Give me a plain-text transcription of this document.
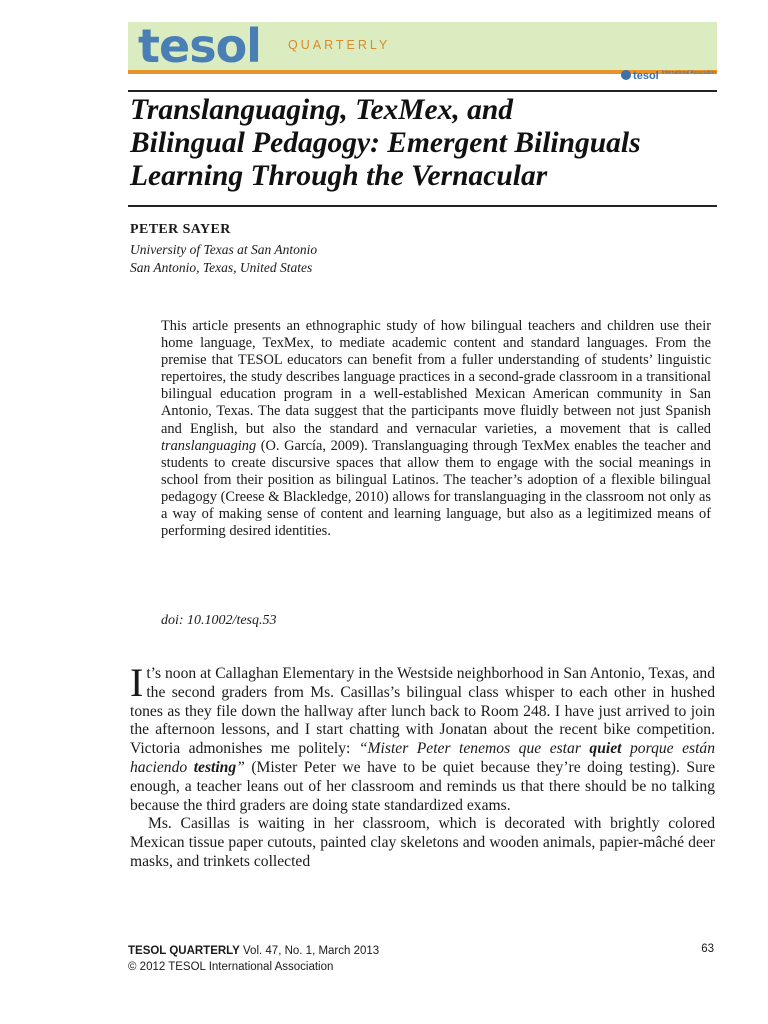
tesol QUARTERLY
tesol $^{International Association}$
Translanguaging, TexMex, and
Bilingual Pedagogy: Emergent Bilinguals
Learning Through the Vernacular
PETER SAYER
University of Texas at San Antonio
San Antonio, Texas, United States

This article presents an ethnographic study of how bilingual teachers and children use their home language, TexMex, to mediate academic content and standard languages. From the premise that TESOL educators can benefit from a fuller understanding of students’ linguistic repertoires, the study describes language practices in a second-grade classroom in a transitional bilingual education program in a well-established Mexican American community in San Antonio, Texas. The data suggest that the participants move fluidly between not just Spanish and English, but also the standard and vernacular varieties, a movement that is called translanguaging (O. García, 2009). Translanguaging through TexMex enables the teacher and students to create discursive spaces that allow them to engage with the social meanings in school from their position as bilingual Latinos. The teacher’s adoption of a flexible bilingual pedagogy (Creese & Blackledge, 2010) allows for translanguaging in the classroom not only as a way of making sense of content and learning language, but also as a legitimized means of performing desired identities.

doi: 10.1002/tesq.53

It’s noon at Callaghan Elementary in the Westside neighborhood in San Antonio, Texas, and the second graders from Ms. Casillas’s bilingual class whisper to each other in hushed tones as they file down the hallway after lunch back to Room 248. I have just arrived to join the afternoon lessons, and I start chatting with Jonatan about the recent bike competition. Victoria admonishes me politely: “Mister Peter tenemos que estar quiet porque están haciendo testing” (Mister Peter we have to be quiet because they’re doing testing). Sure enough, a teacher leans out of her classroom and reminds us that there should be no talking because the third graders are doing state standardized exams.

Ms. Casillas is waiting in her classroom, which is decorated with brightly colored Mexican tissue paper cutouts, painted clay skeletons and wooden animals, papier-mâché deer masks, and trinkets collected

TESOL QUARTERLY Vol. 47, No. 1, March 2013
© 2012 TESOL International Association
63
